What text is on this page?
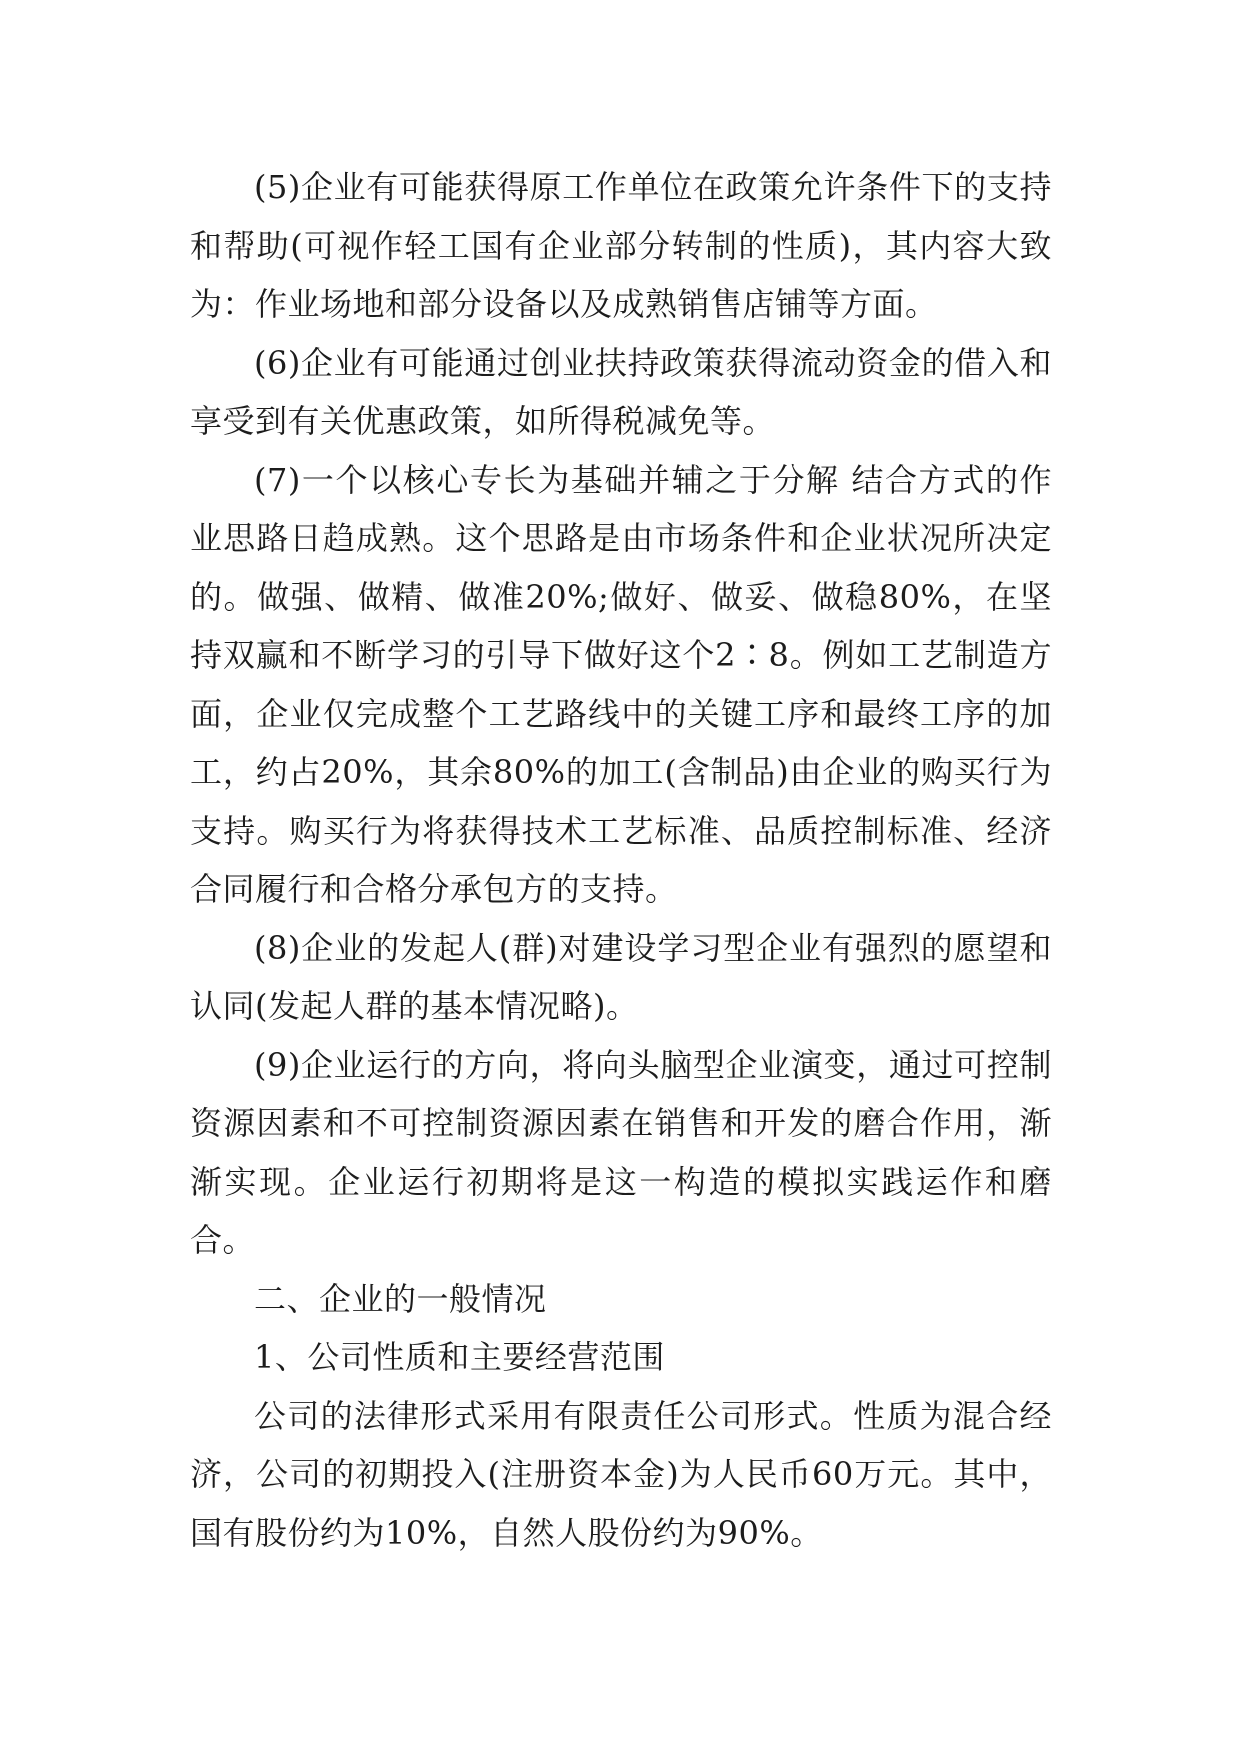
(5)企业有可能获得原工作单位在政策允许条件下的支持和帮助(可视作轻工国有企业部分转制的性质)，其内容大致为：作业场地和部分设备以及成熟销售店铺等方面。

(6)企业有可能通过创业扶持政策获得流动资金的借入和享受到有关优惠政策，如所得税减免等。

(7)一个以核心专长为基础并辅之于分解 结合方式的作业思路日趋成熟。这个思路是由市场条件和企业状况所决定的。做强、做精、做准20%;做好、做妥、做稳80%，在坚持双赢和不断学习的引导下做好这个2∶8。例如工艺制造方面，企业仅完成整个工艺路线中的关键工序和最终工序的加工，约占20%，其余80%的加工(含制品)由企业的购买行为支持。购买行为将获得技术工艺标准、品质控制标准、经济合同履行和合格分承包方的支持。

(8)企业的发起人(群)对建设学习型企业有强烈的愿望和认同(发起人群的基本情况略)。

(9)企业运行的方向，将向头脑型企业演变，通过可控制资源因素和不可控制资源因素在销售和开发的磨合作用，渐渐实现。企业运行初期将是这一构造的模拟实践运作和磨合。

二、企业的一般情况

1、公司性质和主要经营范围

公司的法律形式采用有限责任公司形式。性质为混合经济，公司的初期投入(注册资本金)为人民币60万元。其中，国有股份约为10%，自然人股份约为90%。
